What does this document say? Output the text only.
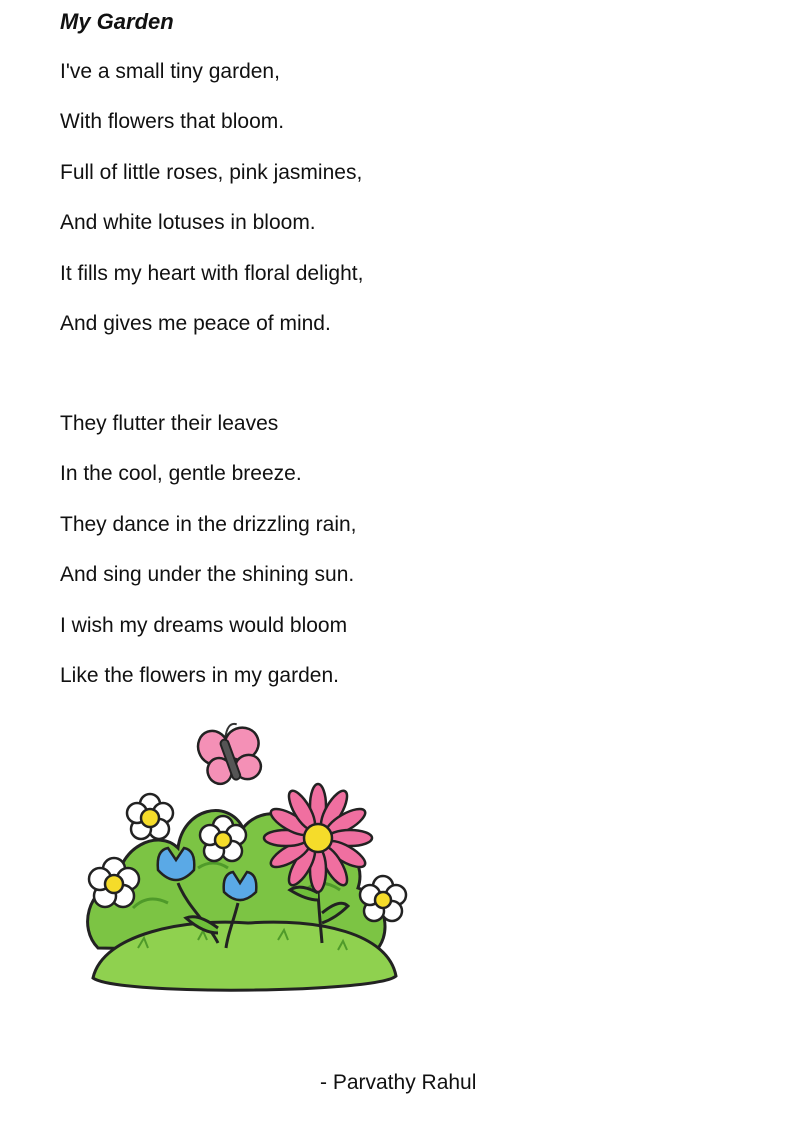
My Garden
I've a small tiny garden,
With flowers that bloom.
Full of little roses, pink jasmines,
And white lotuses in bloom.
It fills my heart with floral delight,
And gives me peace of mind.
They flutter their leaves
In the cool, gentle breeze.
They dance in the drizzling rain,
And sing under the shining sun.
I wish my dreams would bloom
Like the flowers in my garden.

- Parvathy Rahul
